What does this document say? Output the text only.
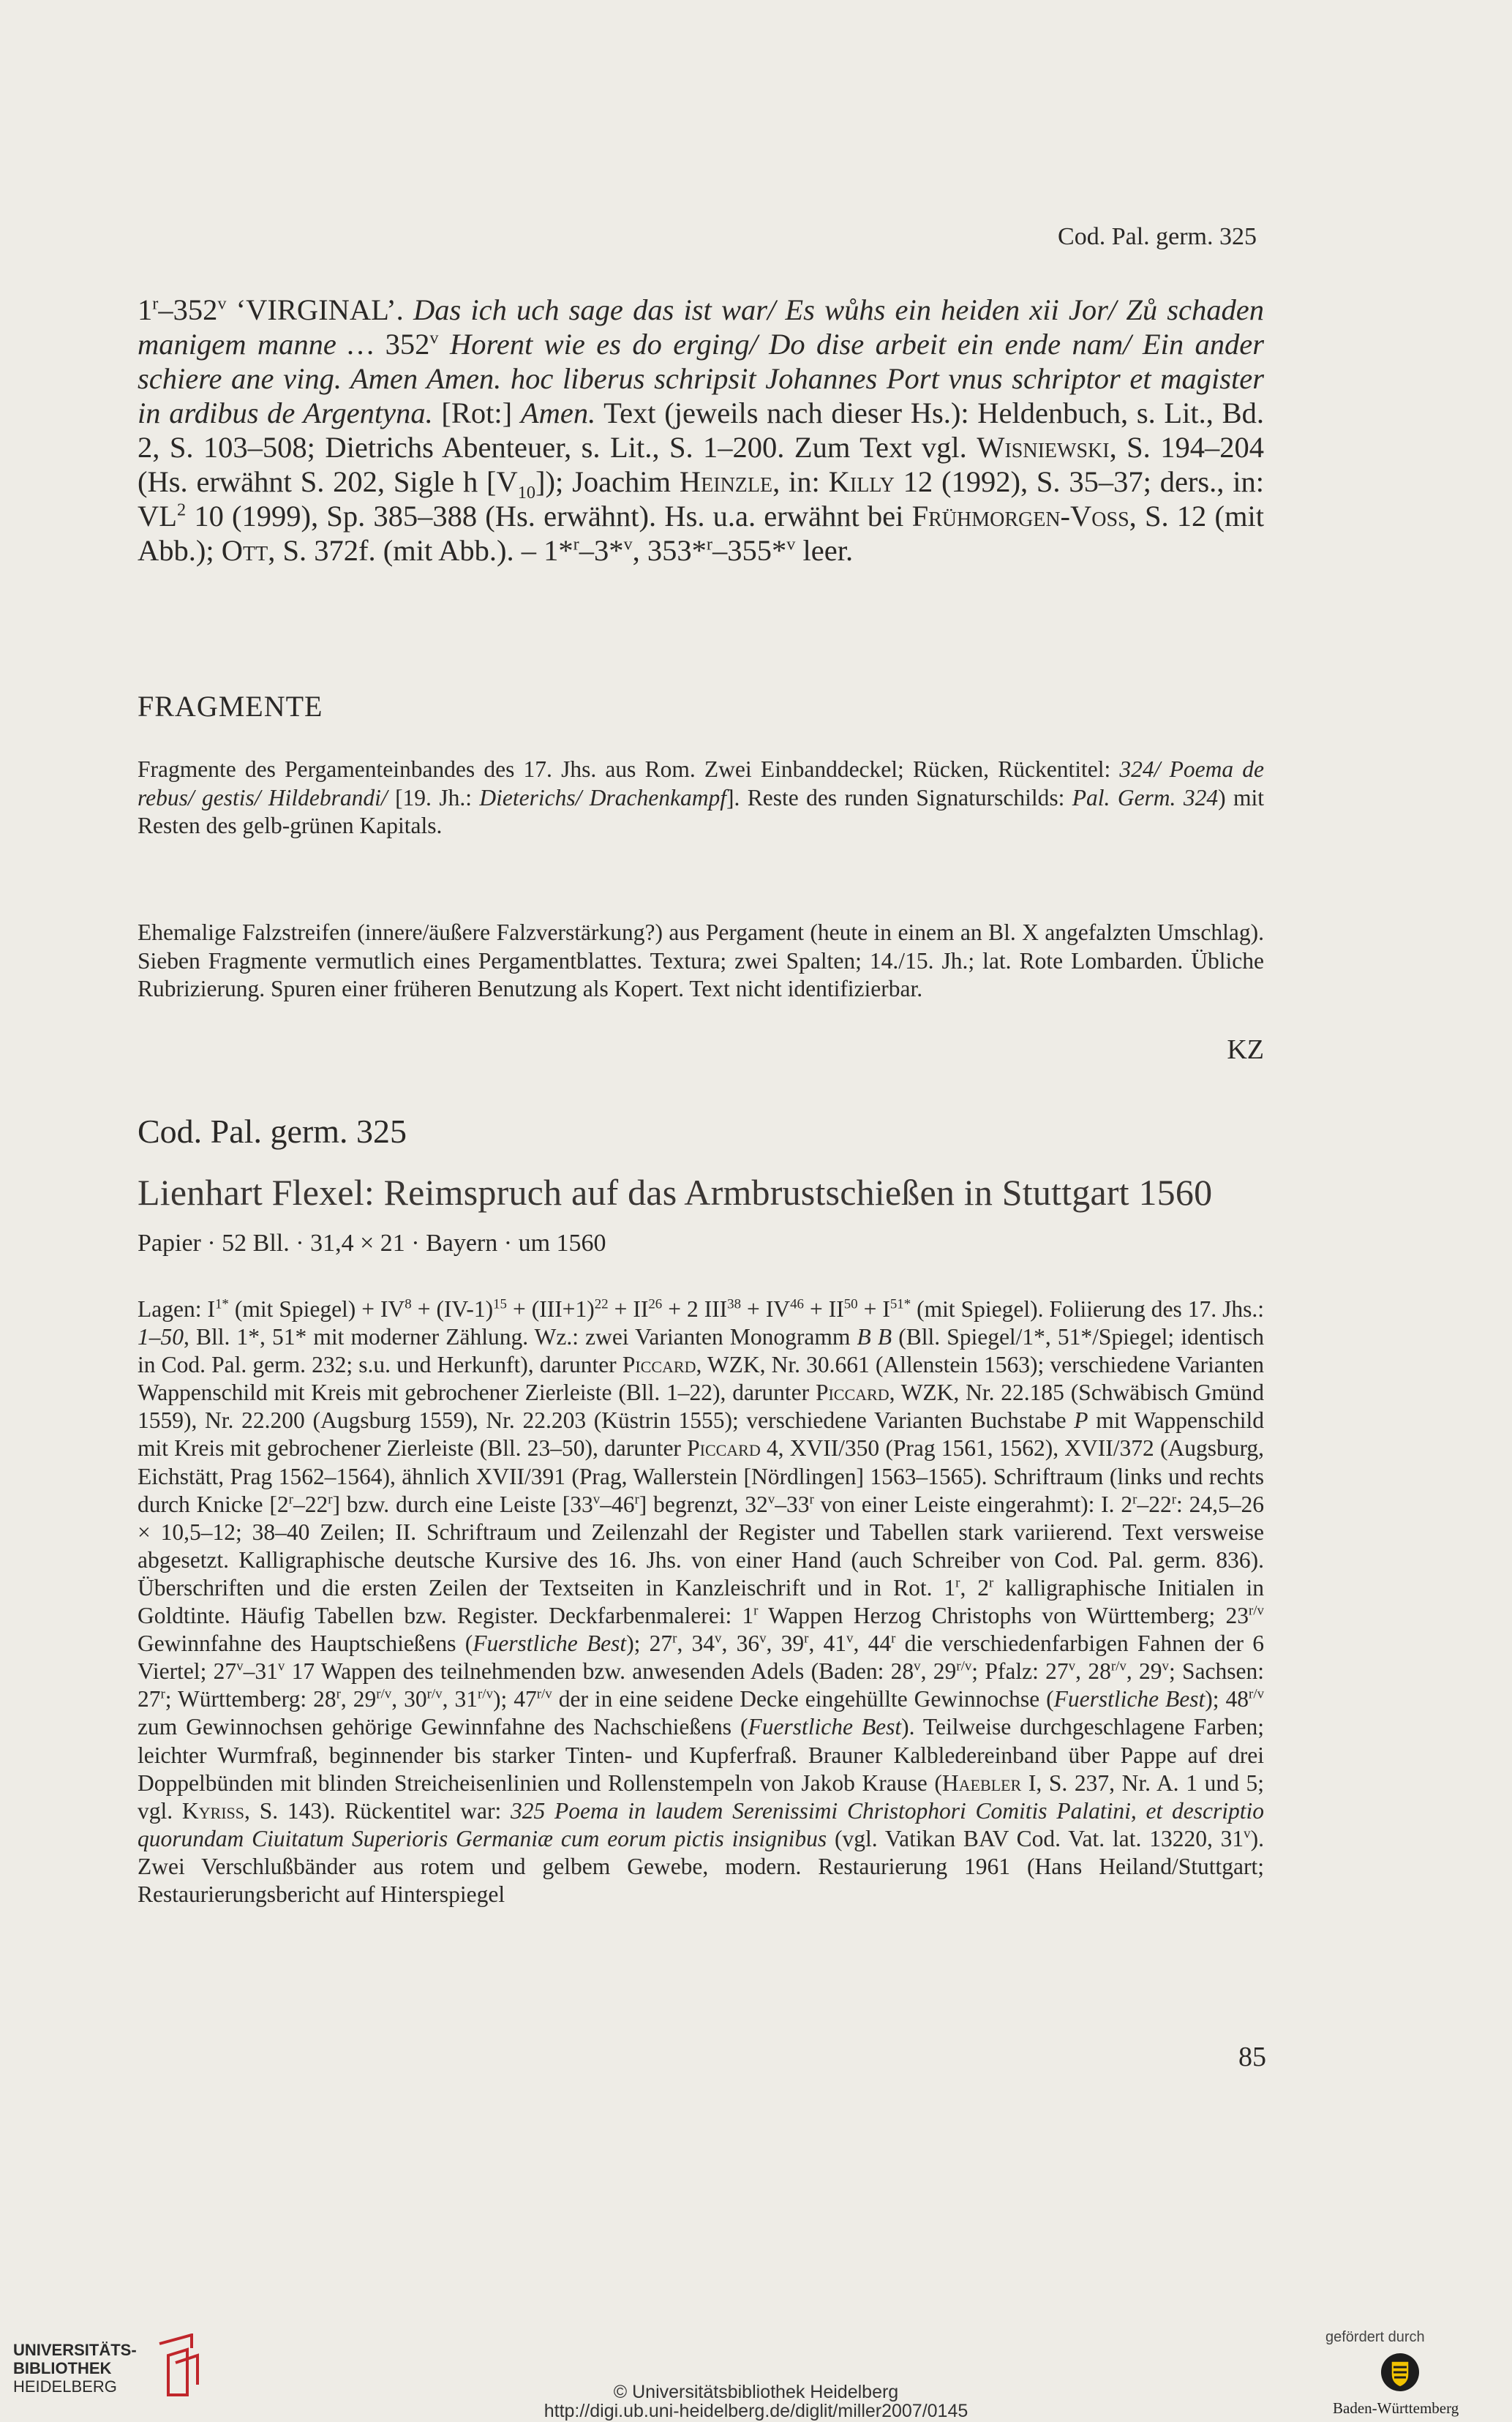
Cod. Pal. germ. 325
1$^r$–352$^v$ ‘VIRGINAL’. Das ich uch sage das ist war/ Es wůhs ein heiden xii Jor/ Zů schaden manigem manne … 352$^v$ Horent wie es do erging/ Do dise arbeit ein ende nam/ Ein ander schiere ane ving. Amen Amen. hoc liberus schripsit Johannes Port vnus schriptor et magister in ardibus de Argentyna. [Rot:] Amen. Text (jeweils nach dieser Hs.): Heldenbuch, s. Lit., Bd. 2, S. 103–508; Dietrichs Abenteuer, s. Lit., S. 1–200. Zum Text vgl. Wisniewski, S. 194–204 (Hs. erwähnt S. 202, Sigle h $[V_{10}]$); Joachim Heinzle, in: Killy 12 (1992), S. 35–37; ders., in: $VL^2$ 10 (1999), Sp. 385–388 (Hs. erwähnt). Hs. u.a. erwähnt bei Frühmorgen-Voss, S. 12 (mit Abb.); Ott, S. 372f. (mit Abb.). – 1*$^r$–3*$^v$, 353*$^r$–355*$^v$ leer.
FRAGMENTE
Fragmente des Pergamenteinbandes des 17. Jhs. aus Rom. Zwei Einbanddeckel; Rücken, Rückentitel: 324/ Poema de rebus/ gestis/ Hildebrandi/ [19. Jh.: Dieterichs/ Drachenkampf]. Reste des runden Signaturschilds: Pal. Germ. 324) mit Resten des gelb-grünen Kapitals.
Ehemalige Falzstreifen (innere/äußere Falzverstärkung?) aus Pergament (heute in einem an Bl. X angefalzten Umschlag). Sieben Fragmente vermutlich eines Pergamentblattes. Textura; zwei Spalten; 14./15. Jh.; lat. Rote Lombarden. Übliche Rubrizierung. Spuren einer früheren Benutzung als Kopert. Text nicht identifizierbar.
KZ
Cod. Pal. germ. 325
Lienhart Flexel: Reimspruch auf das Armbrustschießen in Stuttgart 1560
Papier · 52 Bll. · 31,4 × 21 · Bayern · um 1560
Lagen: $I^{1*}$ (mit Spiegel) + $IV^8 + (IV-1)^{15} + (III+1)^{22} + II^{26} + 2$ $III^{38} + IV^{46} + II^{50} + I^{51*}$ (mit Spiegel). Foliierung des 17. Jhs.: 1–50, Bll. 1*, 51* mit moderner Zählung. Wz.: zwei Varianten Monogramm B B (Bll. Spiegel/1*, 51*/Spiegel; identisch in Cod. Pal. germ. 232; s.u. und Herkunft), darunter Piccard, WZK, Nr. 30.661 (Allenstein 1563); verschiedene Varianten Wappenschild mit Kreis mit gebrochener Zierleiste (Bll. 1–22), darunter Piccard, WZK, Nr. 22.185 (Schwäbisch Gmünd 1559), Nr. 22.200 (Augsburg 1559), Nr. 22.203 (Küstrin 1555); verschiedene Varianten Buchstabe P mit Wappenschild mit Kreis mit gebrochener Zierleiste (Bll. 23–50), darunter Piccard 4, XVII/350 (Prag 1561, 1562), XVII/372 (Augsburg, Eichstätt, Prag 1562–1564), ähnlich XVII/391 (Prag, Wallerstein [Nördlingen] 1563–1565). Schriftraum (links und rechts durch Knicke [2$^r$–22$^r$] bzw. durch eine Leiste [33$^v$–46$^r$] begrenzt, 32$^v$–33$^r$ von einer Leiste eingerahmt): I. 2$^r$–22$^r$: 24,5–26 × 10,5–12; 38–40 Zeilen; II. Schriftraum und Zeilenzahl der Register und Tabellen stark variierend. Text versweise abgesetzt. Kalligraphische deutsche Kursive des 16. Jhs. von einer Hand (auch Schreiber von Cod. Pal. germ. 836). Überschriften und die ersten Zeilen der Textseiten in Kanzleischrift und in Rot. 1$^r$, 2$^r$ kalligraphische Initialen in Goldtinte. Häufig Tabellen bzw. Register. Deckfarbenmalerei: 1$^r$ Wappen Herzog Christophs von Württemberg; $23^{r/v}$ Gewinnfahne des Hauptschießens (Fuerstliche Best); 27$^r$, 34$^v$, 36$^v$, 39$^r$, 41$^v$, 44$^r$ die verschiedenfarbigen Fahnen der 6 Viertel; 27$^v$–31$^v$ 17 Wappen des teilnehmenden bzw. anwesenden Adels (Baden: 28$^v$, $29^{r/v}$; Pfalz: 27$^v$, $28^{r/v}$, 29$^v$; Sachsen: 27$^r$; Württemberg: 28$^r$, $29^{r/v}$, $30^{r/v}$, $31^{r/v}$); $47^{r/v}$ der in eine seidene Decke eingehüllte Gewinnochse (Fuerstliche Best); $48^{r/v}$ zum Gewinnochsen gehörige Gewinnfahne des Nachschießens (Fuerstliche Best). Teilweise durchgeschlagene Farben; leichter Wurmfraß, beginnender bis starker Tinten- und Kupferfraß. Brauner Kalbledereinband über Pappe auf drei Doppelbünden mit blinden Streicheisenlinien und Rollenstempeln von Jakob Krause (Haebler I, S. 237, Nr. A. 1 und 5; vgl. Kyriss, S. 143). Rückentitel war: 325 Poema in laudem Serenissimi Christophori Comitis Palatini, et descriptio quorundam Ciuitatum Superioris Germaniæ cum eorum pictis insignibus (vgl. Vatikan BAV Cod. Vat. lat. 13220, 31$^v$). Zwei Verschlußbänder aus rotem und gelbem Gewebe, modern. Restaurierung 1961 (Hans Heiland/Stuttgart; Restaurierungsbericht auf Hinterspiegel
85
UNIVERSITÄTS-
BIBLIOTHEK
HEIDELBERG	© Universitätsbibliothek Heidelberg
http://digi.ub.uni-heidelberg.de/diglit/miller2007/0145
gefördert durch
Baden-Württemberg
